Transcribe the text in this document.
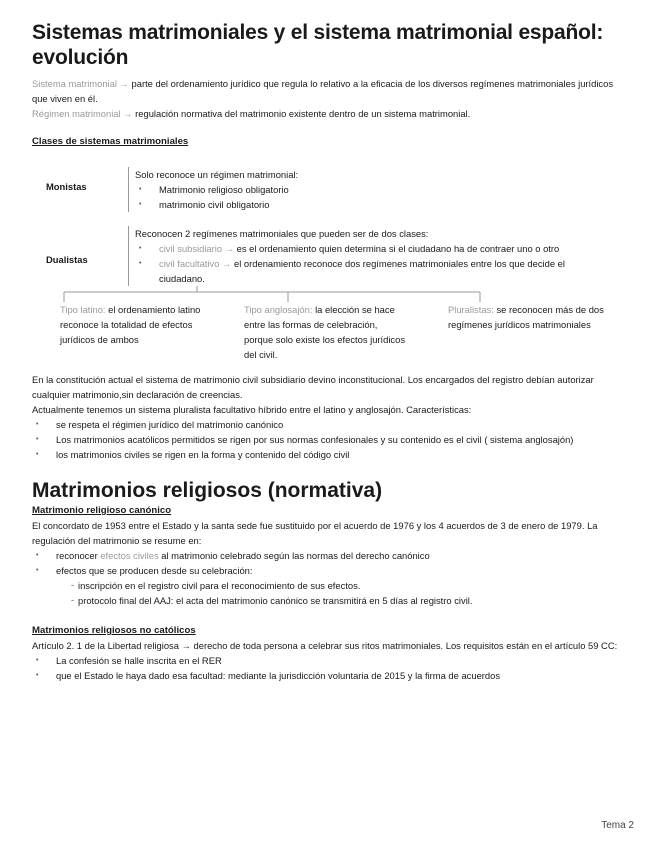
Sistemas matrimoniales y el sistema matrimonial español: evolución

Sistema matrimonial → parte del ordenamiento jurídico que regula lo relativo a la eficacia de los diversos regímenes matrimoniales jurídicos que viven en él.

Régimen matrimonial → regulación normativa del matrimonio existente dentro de un sistema matrimonial.

Clases de sistemas matrimoniales
Monistas

Solo reconoce un régimen matrimonial:

• Matrimonio religioso obligatorio
• matrimonio civil obligatorio
Dualistas

Reconocen 2 regímenes matrimoniales que pueden ser de dos clases:

• civil subsidiario → es el ordenamiento quien determina si el ciudadano ha de contraer uno o otro
• civil facultativo → el ordenamiento reconoce dos regímenes matrimoniales entre los que decide el ciudadano.
Tipo latino: el ordenamiento latino reconoce la totalidad de efectos jurídicos de ambos
Tipo anglosajón: la elección se hace entre las formas de celebración, porque solo existe los efectos jurídicos del civil.
Pluralistas: se reconocen más de dos regímenes jurídicos matrimoniales

En la constitución actual el sistema de matrimonio civil subsidiario devino inconstitucional. Los encargados del registro debían autorizar cualquier matrimonio,sin declaración de creencias.

Actualmente tenemos un sistema pluralista facultativo híbrido entre el latino y anglosajón. Características:

• se respeta el régimen jurídico del matrimonio canónico
• Los matrimonios acatólicos permitidos se rigen por sus normas confesionales y su contenido es el civil ( sistema anglosajón)
• los matrimonios civiles se rigen en la forma y contenido del código civil
Matrimonios religiosos (normativa)
Matrimonio religioso canónico

El concordato de 1953 entre el Estado y la santa sede fue sustituido por el acuerdo de 1976 y los 4 acuerdos de 3 de enero de 1979. La regulación del matrimonio se resume en:

• reconocer efectos civiles al matrimonio celebrado según las normas del derecho canónico
• efectos que se producen desde su celebración:
- inscripción en el registro civil para el reconocimiento de sus efectos.
- protocolo final del AAJ: el acta del matrimonio canónico se transmitirá en 5 días al registro civil.
Matrimonios religiosos no católicos

Artículo 2. 1 de la Libertad religiosa → derecho de toda persona a celebrar sus ritos matrimoniales. Los requisitos están en el artículo 59 CC:

• La confesión se halle inscrita en el RER
• que el Estado le haya dado esa facultad: mediante la jurisdicción voluntaria de 2015 y la firma de acuerdos
Tema 2
